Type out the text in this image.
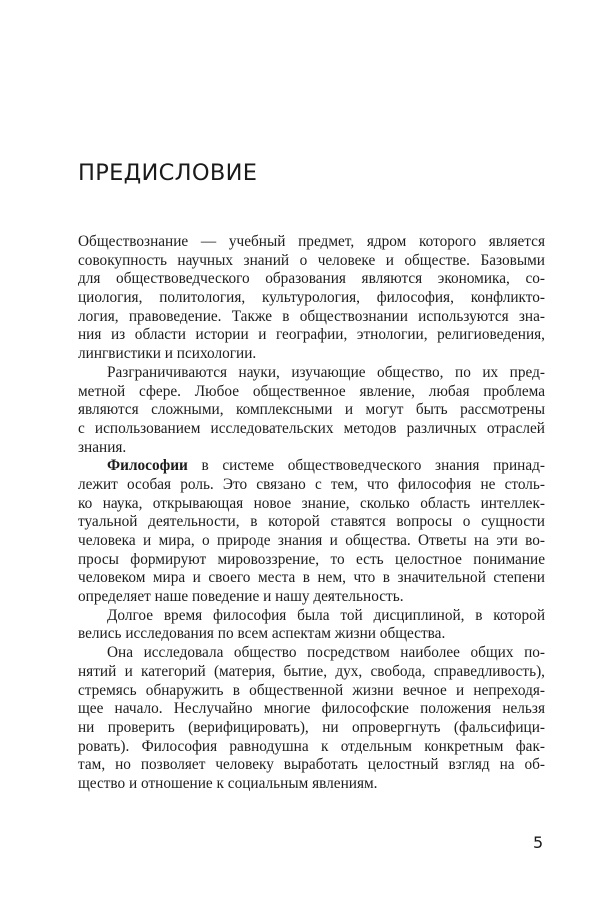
ПРЕДИСЛОВИЕ
Обществознание — учебный предмет, ядром которого является
совокупность научных знаний о человеке и обществе. Базовыми
для обществоведческого образования являются экономика, со-
циология, политология, культурология, философия, конфликто-
логия, правоведение. Также в обществознании используются зна-
ния из области истории и географии, этнологии, религиоведения,
лингвистики и психологии.
Разграничиваются науки, изучающие общество, по их пред-
метной сфере. Любое общественное явление, любая проблема
являются сложными, комплексными и могут быть рассмотрены
с использованием исследовательских методов различных отраслей
знания.
Философии в системе обществоведческого знания принад-
лежит особая роль. Это связано с тем, что философия не столь-
ко наука, открывающая новое знание, сколько область интеллек-
туальной деятельности, в которой ставятся вопросы о сущности
человека и мира, о природе знания и общества. Ответы на эти во-
просы формируют мировоззрение, то есть целостное понимание
человеком мира и своего места в нем, что в значительной степени
определяет наше поведение и нашу деятельность.
Долгое время философия была той дисциплиной, в которой
велись исследования по всем аспектам жизни общества.
Она исследовала общество посредством наиболее общих по-
нятий и категорий (материя, бытие, дух, свобода, справедливость),
стремясь обнаружить в общественной жизни вечное и непреходя-
щее начало. Неслучайно многие философские положения нельзя
ни проверить (верифицировать), ни опровергнуть (фальсифици-
ровать). Философия равнодушна к отдельным конкретным фак-
там, но позволяет человеку выработать целостный взгляд на об-
щество и отношение к социальным явлениям.
5
